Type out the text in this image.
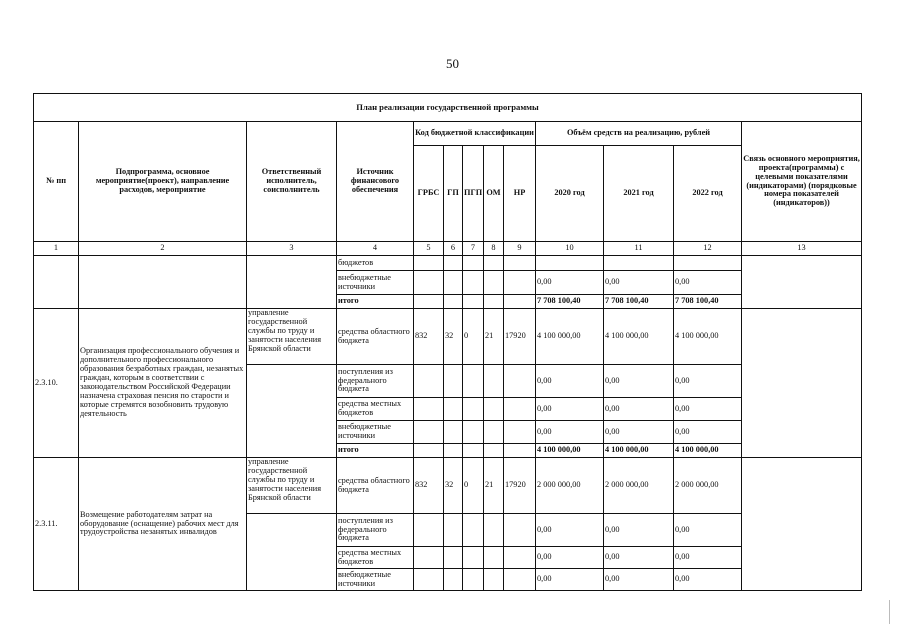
50
План реализации государственной программы												
№ пп	Подпрограмма, основное мероприятие(проект), направление расходов, мероприятие	Ответственный исполнитель, соисполнитель	Источник финансового обеспечения	Код бюджетной классификации					Объём средств на реализацию, рублей			Связь основного мероприятия, проекта(программы) с целевыми показателями (индикаторами) (порядковые номера показателей (индикаторов))
				ГРБС	ГП	ПГП	ОМ	НР	2020 год	2021 год	2022 год	
1	2	3	4	5	6	7	8	9	10	11	12	13
			бюджетов									
			внебюджетные источники						0,00	0,00	0,00	
			итого						7 708 100,40	7 708 100,40	7 708 100,40	
2.3.10.	Организация профессионального обучения и дополнительного профессионального образования безработных граждан, незанятых граждан, которым в соответствии с законодательством Российской Федерации назначена страховая пенсия по старости и которые стремятся возобновить трудовую деятельность	управление государственной службы по труду и занятости населения Брянской области	средства областного бюджета	832	32	0	21	17920	4 100 000,00	4 100 000,00	4 100 000,00	
			поступления из федерального бюджета						0,00	0,00	0,00	
			средства местных бюджетов						0,00	0,00	0,00	
			внебюджетные источники						0,00	0,00	0,00	
			итого						4 100 000,00	4 100 000,00	4 100 000,00	
2.3.11.	Возмещение работодателям затрат на оборудование (оснащение) рабочих мест для трудоустройства незанятых инвалидов	управление государственной службы по труду и занятости населения Брянской области	средства областного бюджета	832	32	0	21	17920	2 000 000,00	2 000 000,00	2 000 000,00	
			поступления из федерального бюджета						0,00	0,00	0,00	
			средства местных бюджетов						0,00	0,00	0,00	
			внебюджетные источники						0,00	0,00	0,00	
